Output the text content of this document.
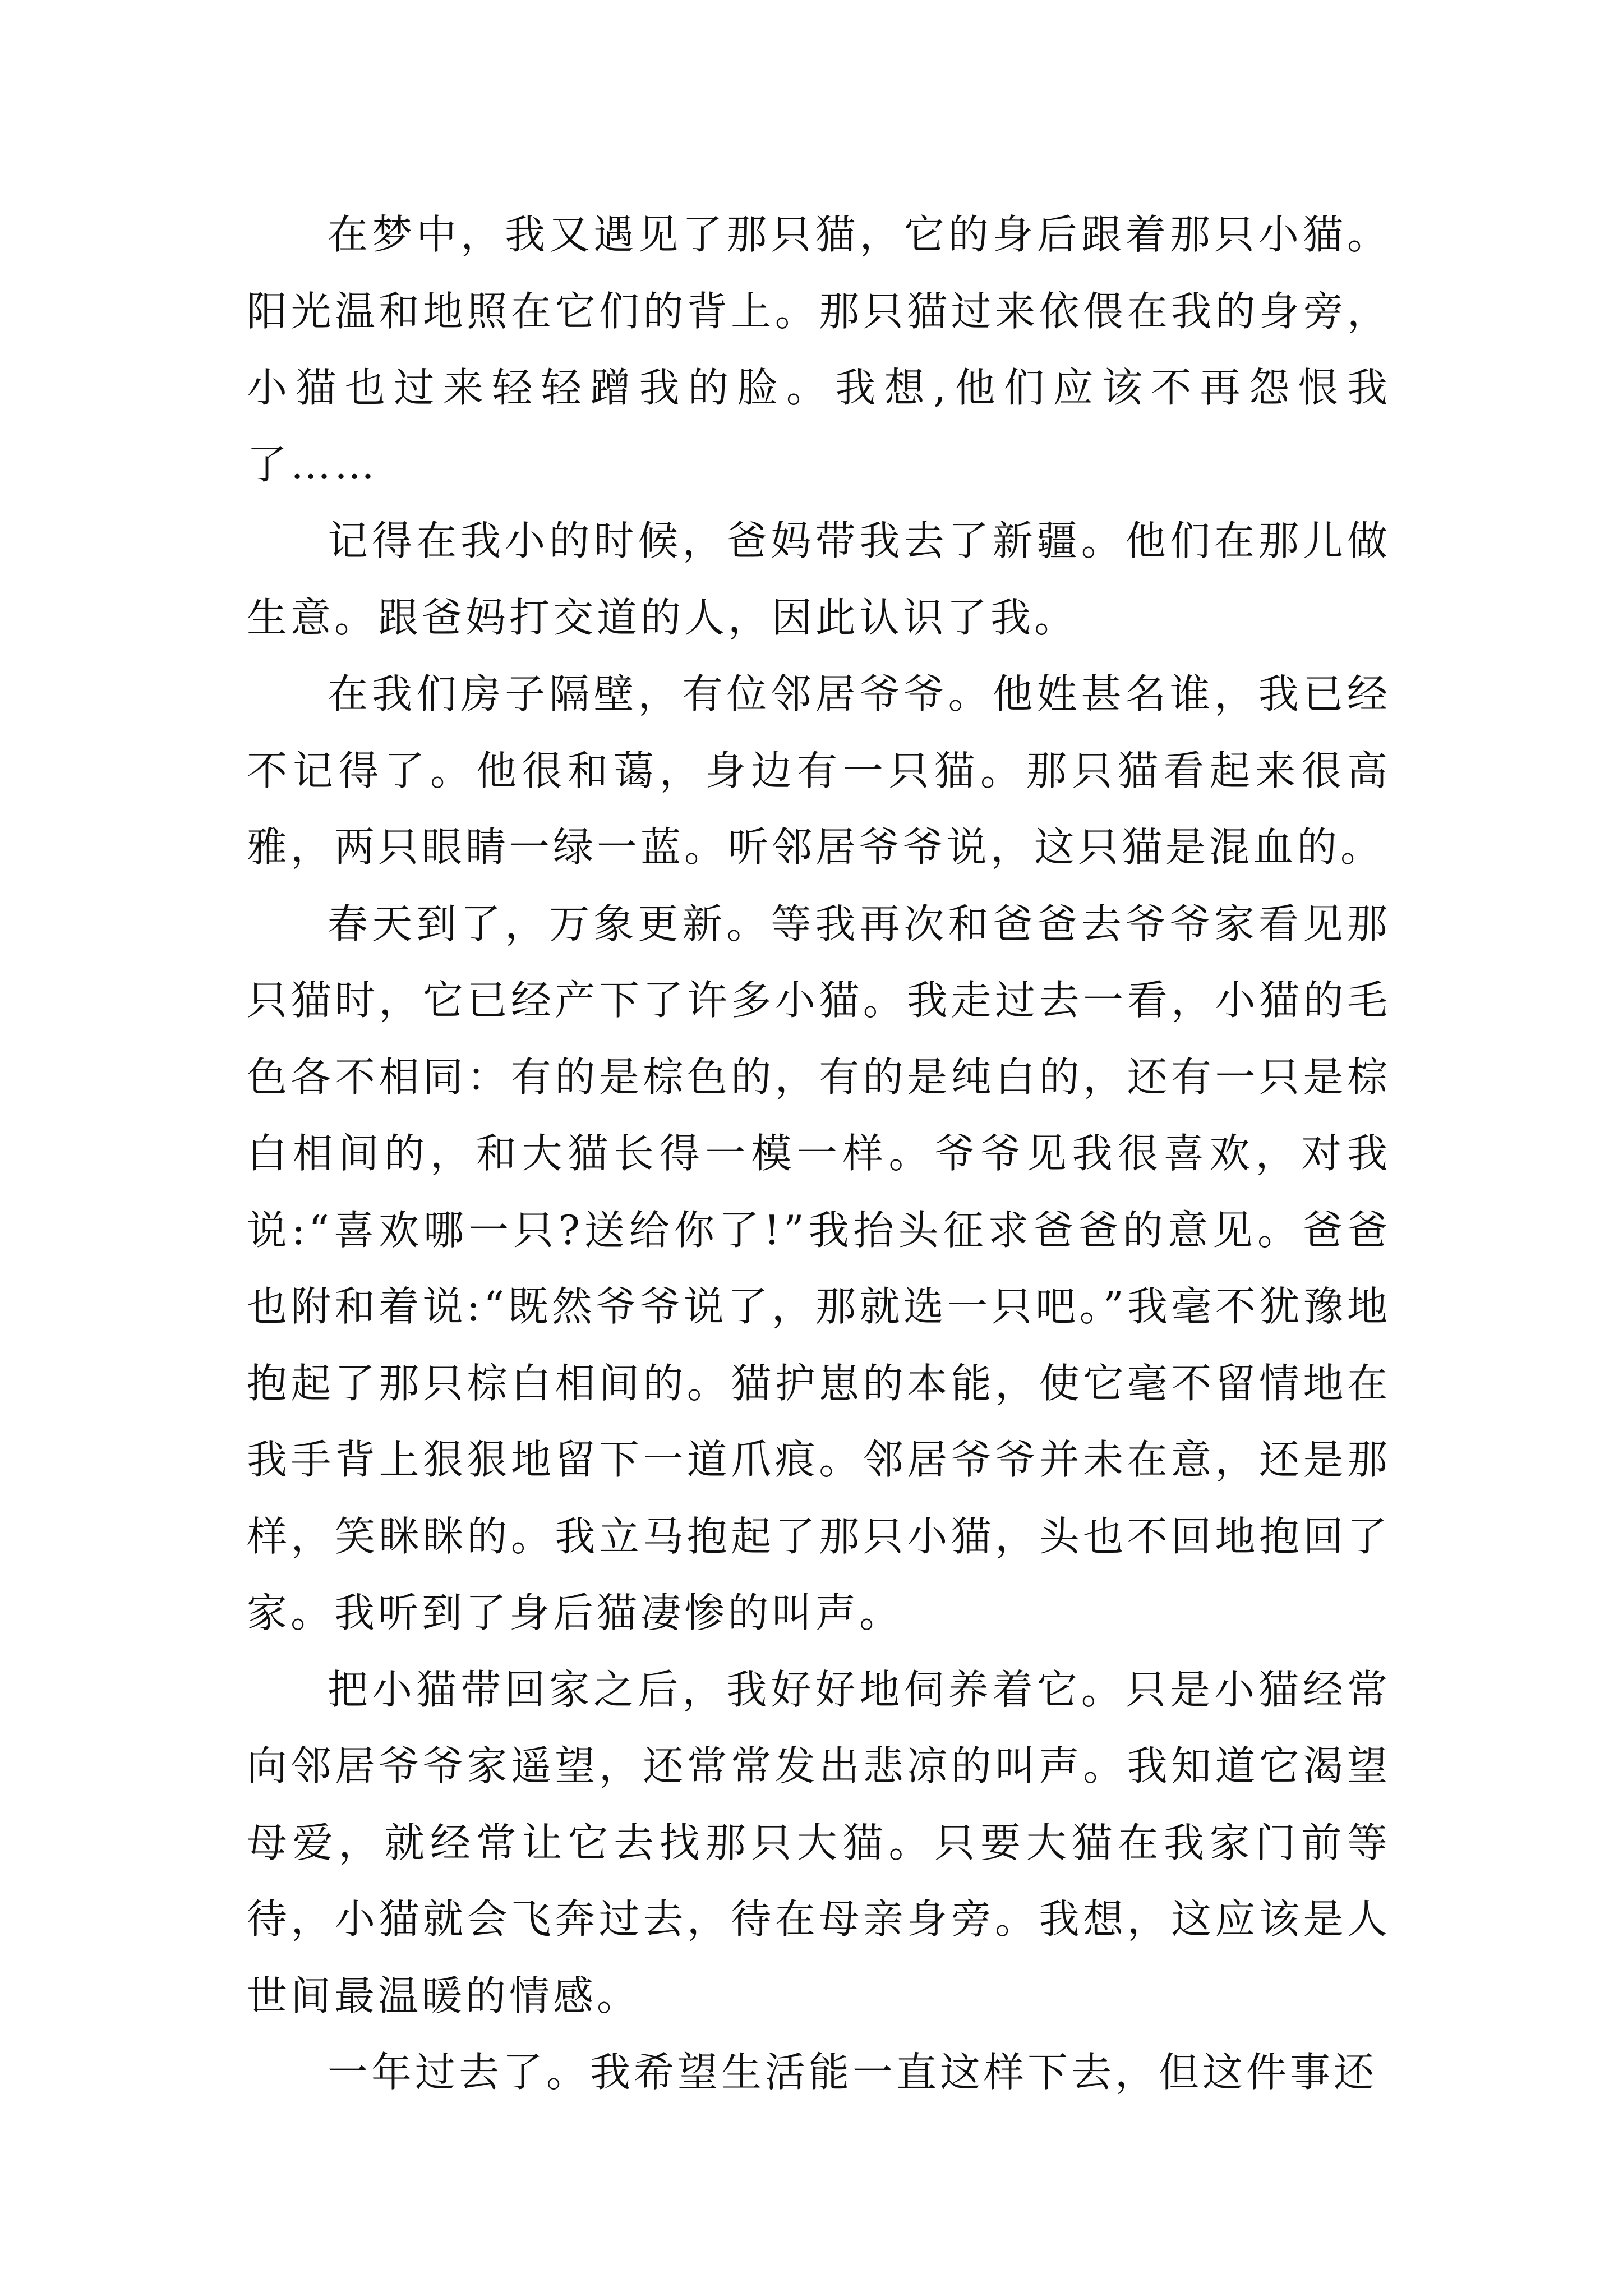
在梦中，我又遇见了那只猫，它的身后跟着那只小猫。阳光温和地照在它们的背上。那只猫过来依偎在我的身旁，小猫也过来轻轻蹭我的脸。我想,他们应该不再怨恨我了……

记得在我小的时候，爸妈带我去了新疆。他们在那儿做生意。跟爸妈打交道的人，因此认识了我。

在我们房子隔壁，有位邻居爷爷。他姓甚名谁，我已经不记得了。他很和蔼，身边有一只猫。那只猫看起来很高雅，两只眼睛一绿一蓝。听邻居爷爷说，这只猫是混血的。

春天到了，万象更新。等我再次和爸爸去爷爷家看见那只猫时，它已经产下了许多小猫。我走过去一看，小猫的毛色各不相同：有的是棕色的，有的是纯白的，还有一只是棕白相间的，和大猫长得一模一样。爷爷见我很喜欢，对我说:“喜欢哪一只?送给你了!”我抬头征求爸爸的意见。爸爸也附和着说:“既然爷爷说了，那就选一只吧。”我毫不犹豫地抱起了那只棕白相间的。猫护崽的本能，使它毫不留情地在我手背上狠狠地留下一道爪痕。邻居爷爷并未在意，还是那样，笑眯眯的。我立马抱起了那只小猫，头也不回地抱回了家。我听到了身后猫凄惨的叫声。

把小猫带回家之后，我好好地伺养着它。只是小猫经常向邻居爷爷家遥望，还常常发出悲凉的叫声。我知道它渴望母爱，就经常让它去找那只大猫。只要大猫在我家门前等待，小猫就会飞奔过去，待在母亲身旁。我想，这应该是人世间最温暖的情感。

一年过去了。我希望生活能一直这样下去，但这件事还
